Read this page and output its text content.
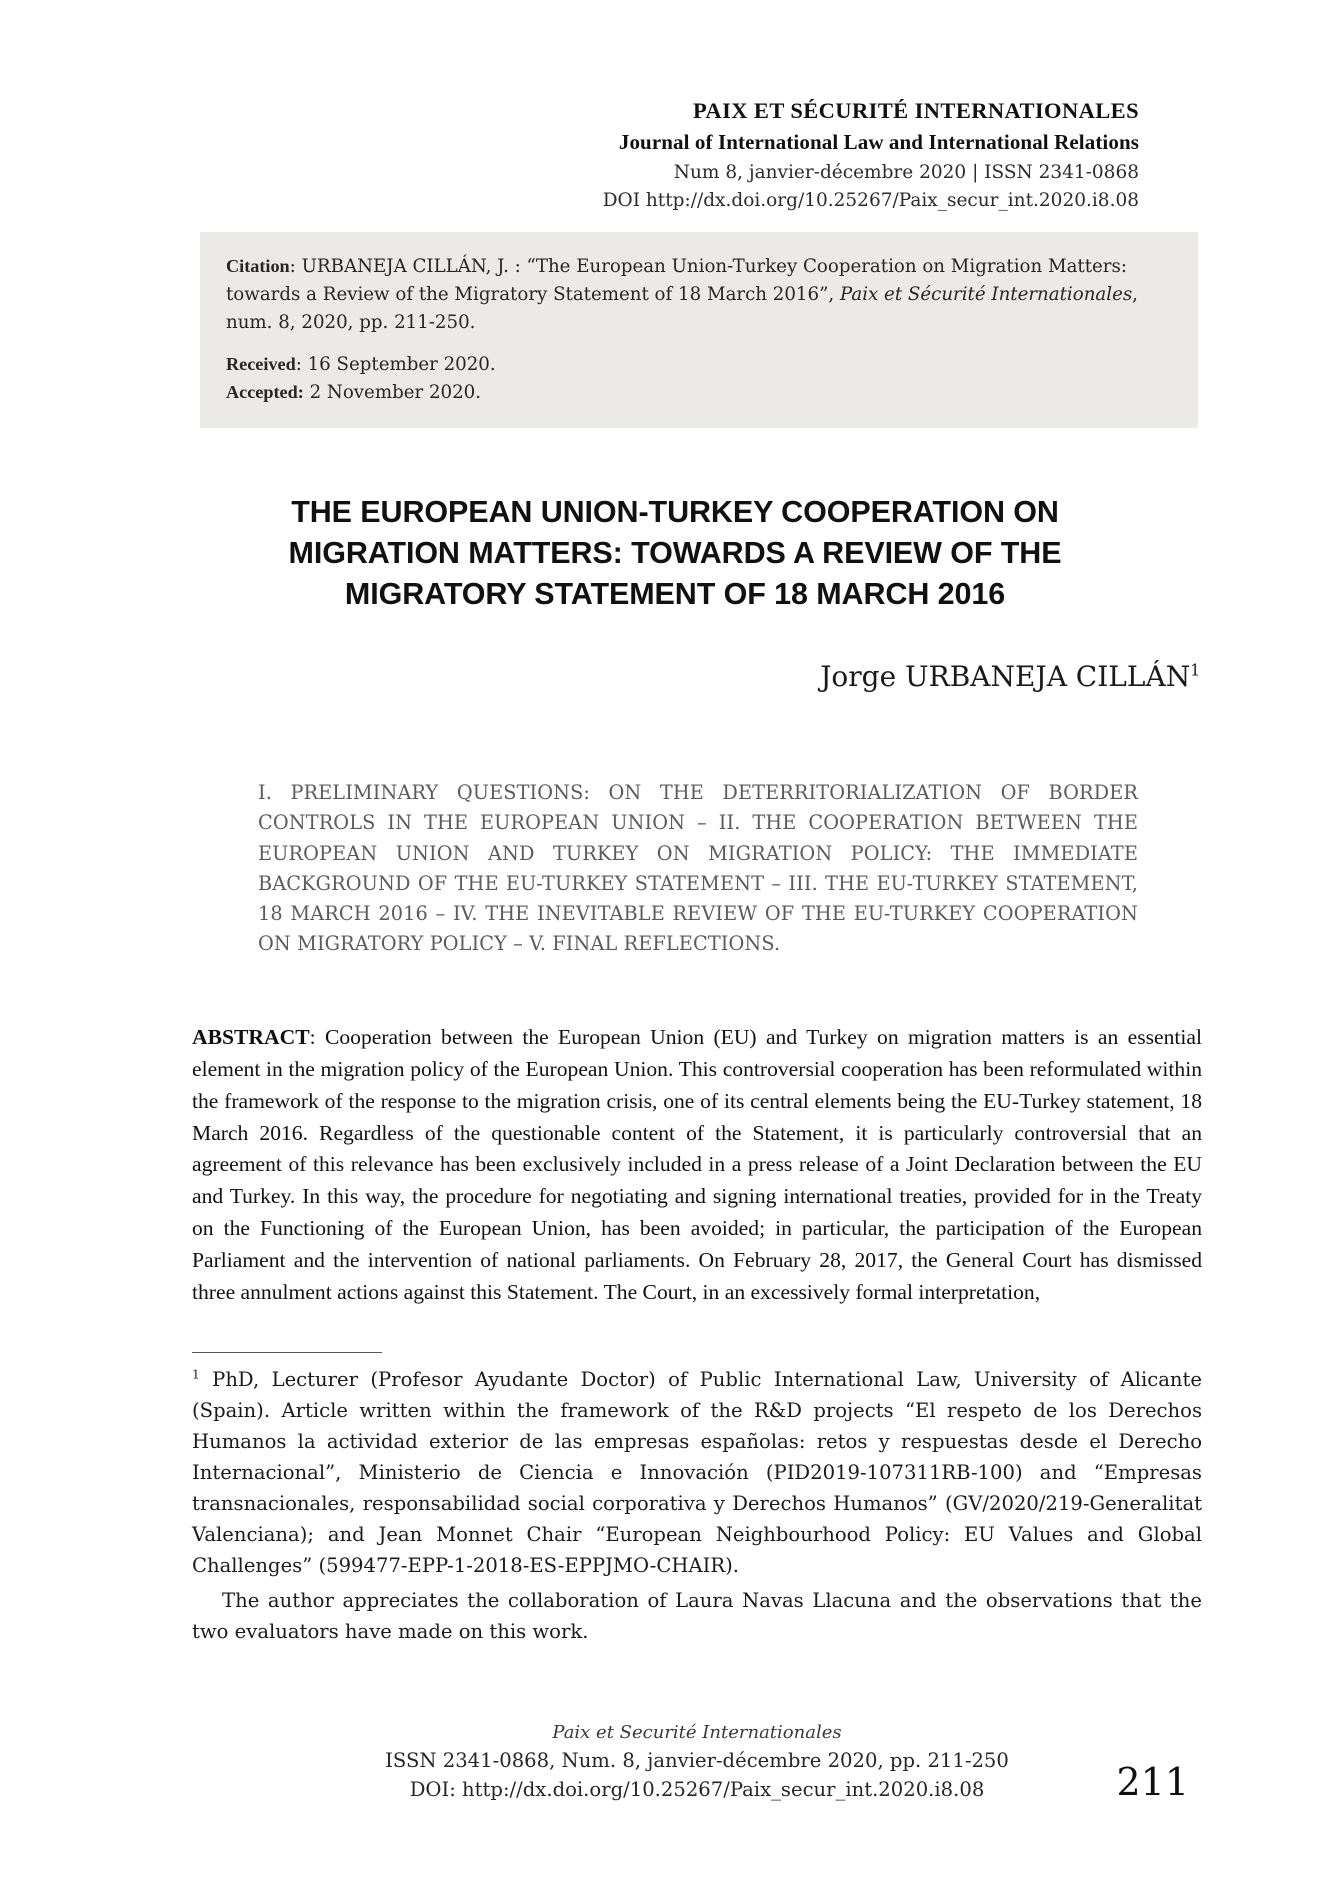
PAIX ET SÉCURITÉ INTERNATIONALES
Journal of International Law and International Relations
Num 8, janvier-décembre 2020 | ISSN 2341-0868
DOI http://dx.doi.org/10.25267/Paix_secur_int.2020.i8.08
Citation: URBANEJA CILLÁN, J. : “The European Union-Turkey Cooperation on Migration Matters: towards a Review of the Migratory Statement of 18 March 2016”, Paix et Sécurité Internationales, num. 8, 2020, pp. 211-250.
Received: 16 September 2020.
Accepted: 2 November 2020.
THE EUROPEAN UNION-TURKEY COOPERATION ON MIGRATION MATTERS: TOWARDS A REVIEW OF THE MIGRATORY STATEMENT OF 18 MARCH 2016
Jorge URBANEJA CILLÁN$^1$
I. PRELIMINARY QUESTIONS: ON THE DETERRITORIALIZATION OF BORDER CONTROLS IN THE EUROPEAN UNION – II. THE COOPERATION BETWEEN THE EUROPEAN UNION AND TURKEY ON MIGRATION POLICY: THE IMMEDIATE BACKGROUND OF THE EU-TURKEY STATEMENT – III. THE EU-TURKEY STATEMENT, 18 MARCH 2016 – IV. THE INEVITABLE REVIEW OF THE EU-TURKEY COOPERATION ON MIGRATORY POLICY – V. FINAL REFLECTIONS.
ABSTRACT: Cooperation between the European Union (EU) and Turkey on migration matters is an essential element in the migration policy of the European Union. This controversial cooperation has been reformulated within the framework of the response to the migration crisis, one of its central elements being the EU-Turkey statement, 18 March 2016. Regardless of the questionable content of the Statement, it is particularly controversial that an agreement of this relevance has been exclusively included in a press release of a Joint Declaration between the EU and Turkey. In this way, the procedure for negotiating and signing international treaties, provided for in the Treaty on the Functioning of the European Union, has been avoided; in particular, the participation of the European Parliament and the intervention of national parliaments. On February 28, 2017, the General Court has dismissed three annulment actions against this Statement. The Court, in an excessively formal interpretation,
$^1$ PhD, Lecturer (Profesor Ayudante Doctor) of Public International Law, University of Alicante (Spain). Article written within the framework of the R&D projects “El respeto de los Derechos Humanos la actividad exterior de las empresas españolas: retos y respuestas desde el Derecho Internacional”, Ministerio de Ciencia e Innovación (PID2019-107311RB-100) and “Empresas transnacionales, responsabilidad social corporativa y Derechos Humanos” (GV/2020/219-Generalitat Valenciana); and Jean Monnet Chair “European Neighbourhood Policy: EU Values and Global Challenges” (599477-EPP-1-2018-ES-EPPJMO-CHAIR).
The author appreciates the collaboration of Laura Navas Llacuna and the observations that the two evaluators have made on this work.
Paix et Securité Internationales
ISSN 2341-0868, Num. 8, janvier-décembre 2020, pp. 211-250
DOI: http://dx.doi.org/10.25267/Paix_secur_int.2020.i8.08	211
